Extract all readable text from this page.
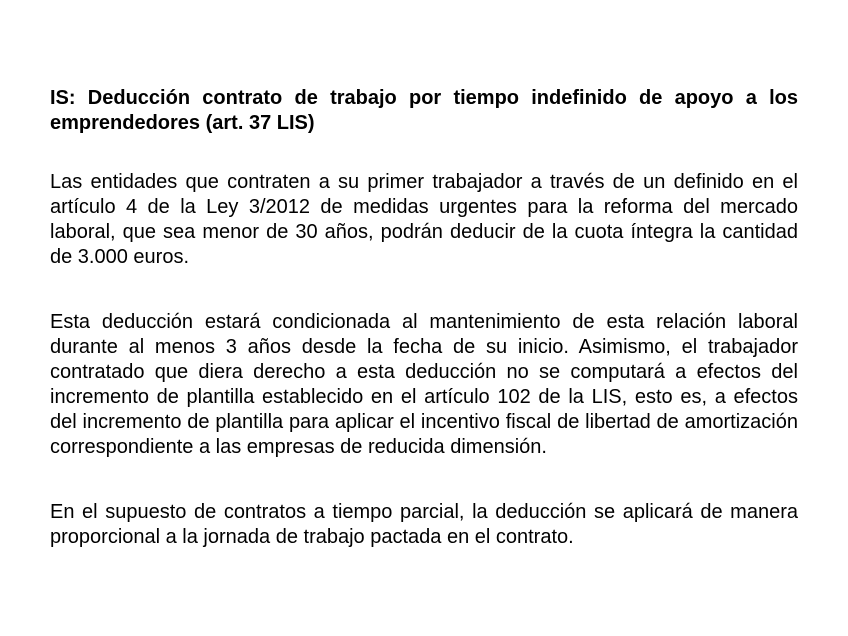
IS: Deducción contrato de trabajo por tiempo indefinido de apoyo a los emprendedores (art. 37 LIS)
Las entidades que contraten a su primer trabajador a través de un definido en el artículo 4 de la Ley 3/2012 de medidas urgentes para la reforma del mercado laboral, que sea menor de 30 años, podrán deducir de la cuota íntegra la cantidad de 3.000 euros.
Esta deducción estará condicionada al mantenimiento de esta relación laboral durante al menos 3 años desde la fecha de su inicio. Asimismo, el trabajador contratado que diera derecho a esta deducción no se computará a efectos del incremento de plantilla establecido en el artículo 102 de la LIS, esto es, a efectos del incremento de plantilla para aplicar el incentivo fiscal de libertad de amortización correspondiente a las empresas de reducida dimensión.
En el supuesto de contratos a tiempo parcial, la deducción se aplicará de manera proporcional a la jornada de trabajo pactada en el contrato.
